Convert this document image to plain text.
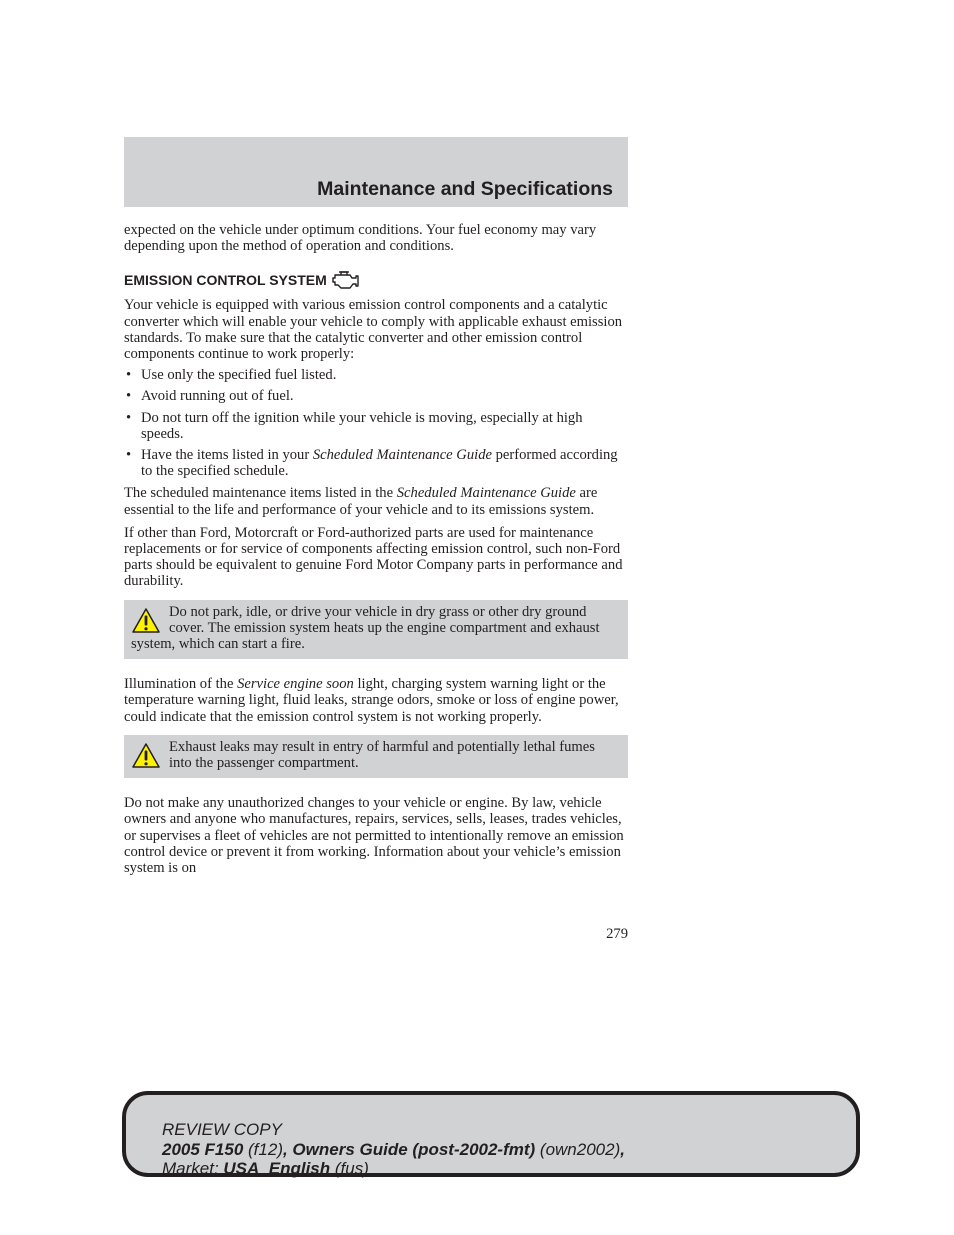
Maintenance and Specifications

expected on the vehicle under optimum conditions. Your fuel economy may vary depending upon the method of operation and conditions.

EMISSION CONTROL SYSTEM

Your vehicle is equipped with various emission control components and a catalytic converter which will enable your vehicle to comply with applicable exhaust emission standards. To make sure that the catalytic converter and other emission control components continue to work properly:

• Use only the specified fuel listed.
• Avoid running out of fuel.
• Do not turn off the ignition while your vehicle is moving, especially at high speeds.
• Have the items listed in your Scheduled Maintenance Guide performed according to the specified schedule.

The scheduled maintenance items listed in the Scheduled Maintenance Guide are essential to the life and performance of your vehicle and to its emissions system.

If other than Ford, Motorcraft or Ford-authorized parts are used for maintenance replacements or for service of components affecting emission control, such non-Ford parts should be equivalent to genuine Ford Motor Company parts in performance and durability.

Do not park, idle, or drive your vehicle in dry grass or other dry ground cover. The emission system heats up the engine compartment and exhaust system, which can start a fire.

Illumination of the Service engine soon light, charging system warning light or the temperature warning light, fluid leaks, strange odors, smoke or loss of engine power, could indicate that the emission control system is not working properly.

Exhaust leaks may result in entry of harmful and potentially lethal fumes into the passenger compartment.

Do not make any unauthorized changes to your vehicle or engine. By law, vehicle owners and anyone who manufactures, repairs, services, sells, leases, trades vehicles, or supervises a fleet of vehicles are not permitted to intentionally remove an emission control device or prevent it from working. Information about your vehicle’s emission system is on

279
REVIEW COPY
2005 F150 (f12), Owners Guide (post-2002-fmt) (own2002),
Market: USA_English (fus)
